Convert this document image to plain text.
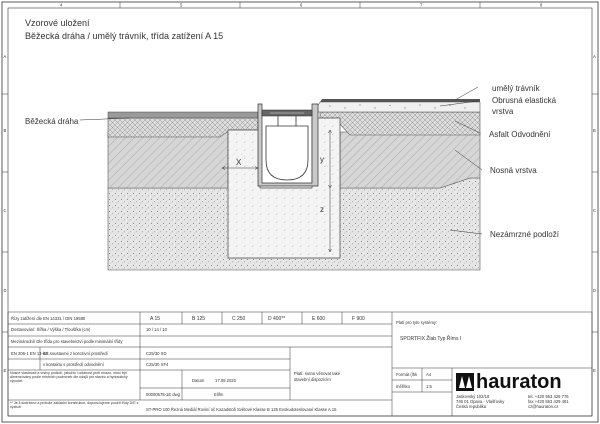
4	5	6	7	8
A
B
C
D
E
A
B
C
D
E
Vzorové uložení
Běžecká dráha / umělý trávník, třída zatížení A 15
X	y
z
Běžecká dráha
umělý trávník
Obrusná elastická
vrstva
Asfalt Odvodnění
Nosná vrstva
Nezámrzné podloží
Řízy zatížení dle EN 14331 / DIN 19580	A 15	B 125	C 250	D 400**	E 600	F 900
Dostavování: Šířka / Výška / Tloušťka (cm)	10 / 14 / 10
Mezinárodní/ Dle třída pro stavebnictví podle minimální třídy
EN 206-1 EN 13-42
krit.soustavné z korozivní prostředí	C25/30 XD
v kontaktu s prostředí odvodnění	C25/30 XF4
Nosné vlastnosti a vrstvy podloží, jakožto i odolnost proti mrazu, musí být dimenzovány podle místních podmínek dle údajů pro stavbu a hydraulický výpočet.
** Je-li dodrženo a protože zakladní konstrukce, doporučujeme použít třídy D/E s výztuží
Datum	17.09.2020
00000578-1E dwg	Elifm
Platí: nutno věnovat také
stavební dispozicím
ST-PRO 100 Řezná Mediál Roviní oč Kazadstofi Světové Klasse B 125 Evokudoteslované Klasse A 15
Platí pro tyto systémy:
SPORTFIX Žlab Typ Říms I
Formát (lhk A4
měřítko	1:5 hauraton
Jaskovský 102/18
746 01 Opava - Vlašťovky
Česká republika
tel. +420 553 429 776
fax +420 553 429 461
cz@hauraton.cz
